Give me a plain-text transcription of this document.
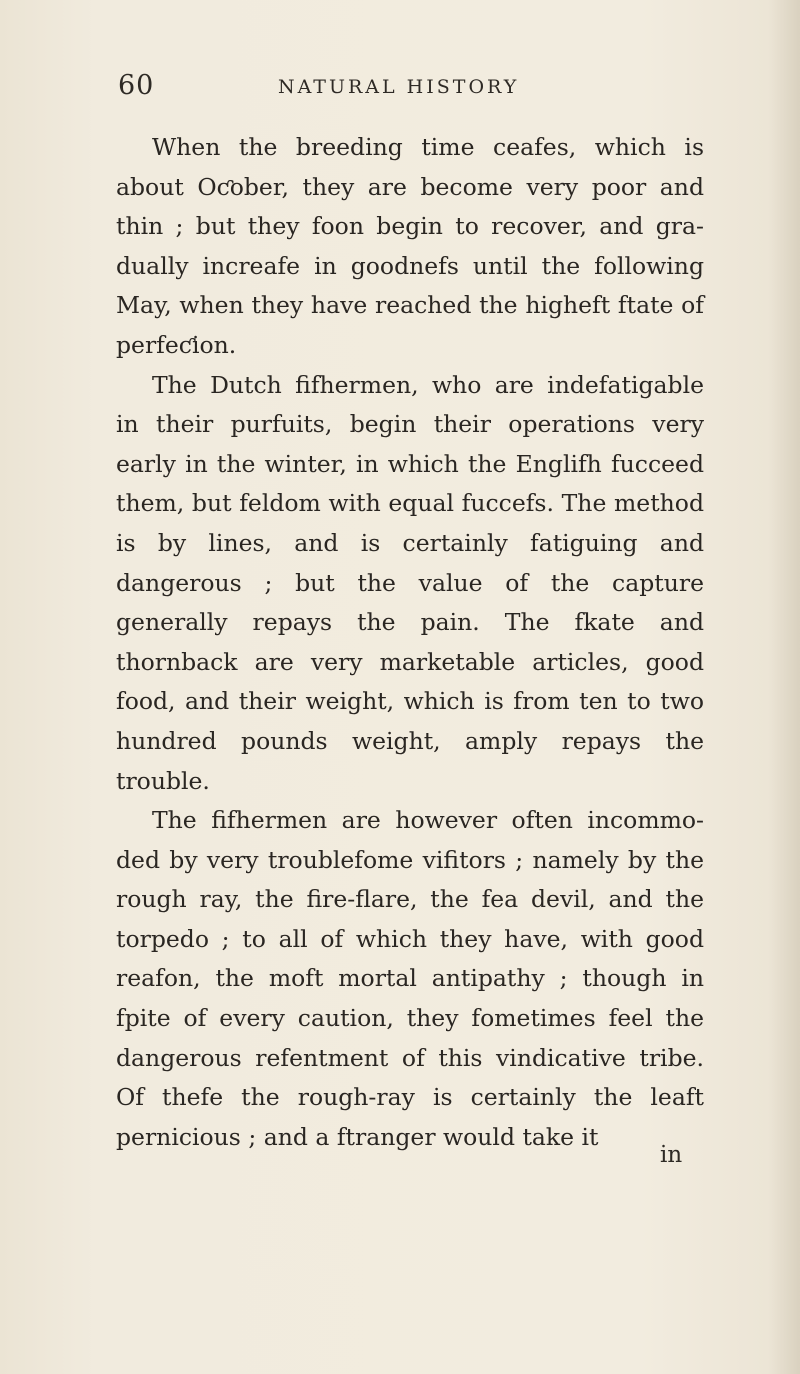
60	NATURAL HISTORY

When the breeding time ceafes, which is about Oƈober, they are become very poor and thin ; but they foon begin to recover, and gradually increafe in goodnefs until the following May, when they have reached the higheft ftate of perfeƈion.

The Dutch fifhermen, who are indefatigable in their purfuits, begin their operations very early in the winter, in which the Englifh fucceed them, but feldom with equal fuccefs. The method is by lines, and is certainly fatiguing and dangerous ; but the value of the capture generally repays the pain. The fkate and thornback are very marketable articles, good food, and their weight, which is from ten to two hundred pounds weight, amply repays the trouble.

The fifhermen are however often incommoded by very troublefome vifitors ; namely by the rough ray, the fire-flare, the fea devil, and the torpedo ; to all of which they have, with good reafon, the moft mortal antipathy ; though in fpite of every caution, they fometimes feel the dangerous refentment of this vindicative tribe. Of thefe the rough-ray is certainly the leaft pernicious ; and a ftranger would take it

in
